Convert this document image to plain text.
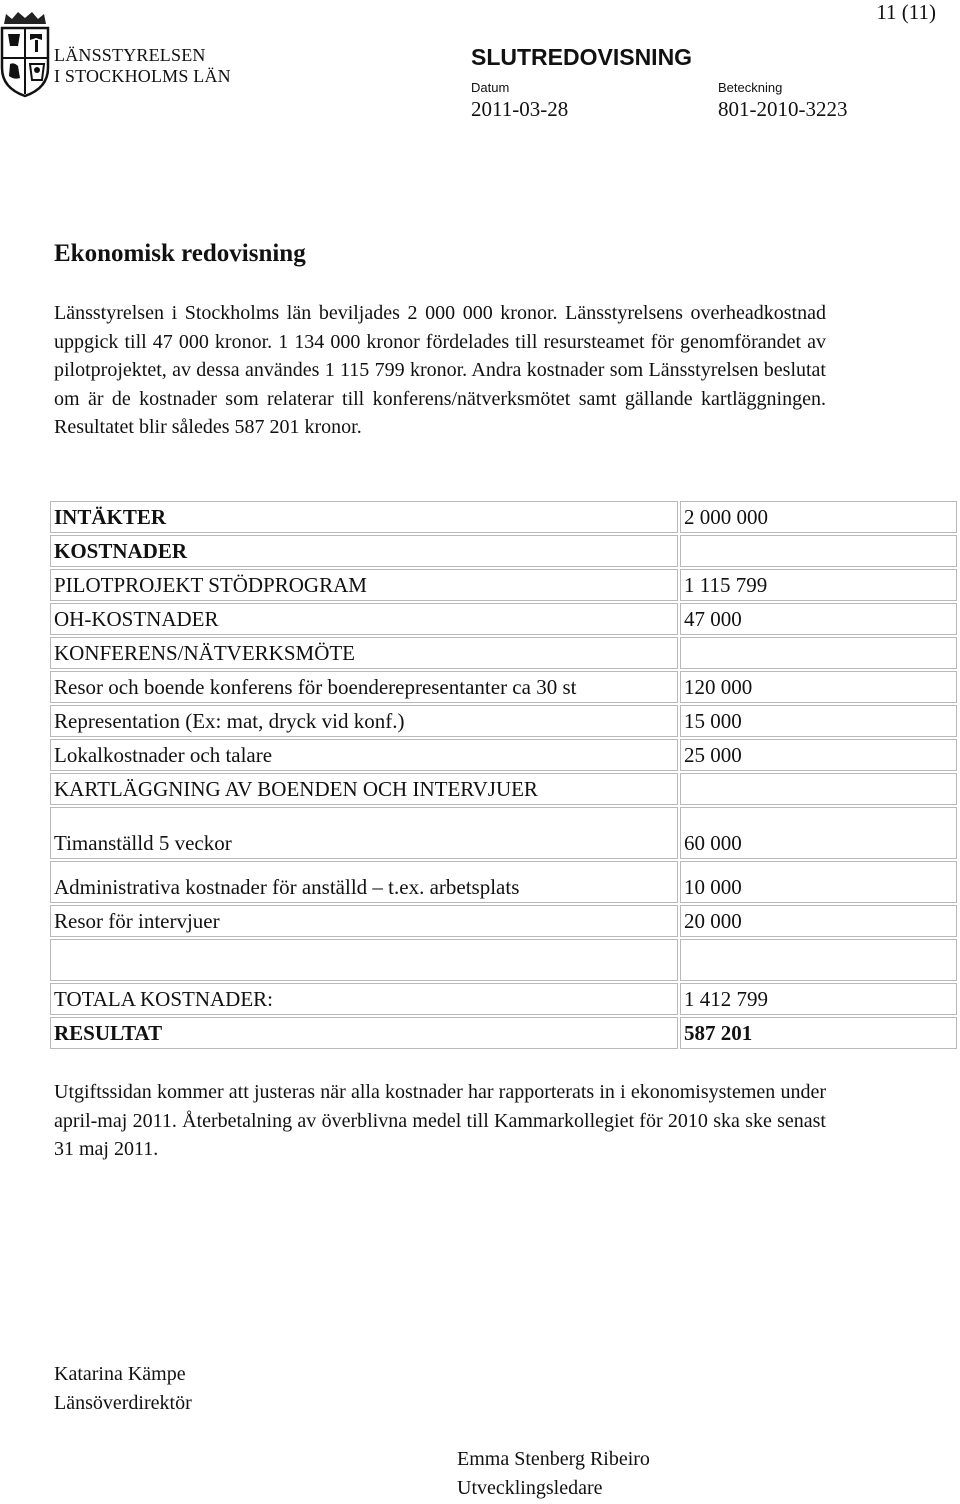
LÄNSSTYRELSEN
I STOCKHOLMS LÄN
11 (11)
SLUTREDOVISNING
Datum
2011-03-28
Beteckning
801-2010-3223
Ekonomisk redovisning
Länsstyrelsen i Stockholms län beviljades 2 000 000 kronor. Länsstyrelsens overheadkostnad uppgick till 47 000 kronor. 1 134 000 kronor fördelades till resursteamet för genomförandet av pilotprojektet, av dessa användes 1 115 799 kronor. Andra kostnader som Länsstyrelsen beslutat om är de kostnader som relaterar till konferens/nätverksmötet samt gällande kartläggningen. Resultatet blir således 587 201 kronor.
INTÄKTER	2 000 000
KOSTNADER	
PILOTPROJEKT STÖDPROGRAM	1 115 799
OH-KOSTNADER	47 000
KONFERENS/NÄTVERKSMÖTE	
Resor och boende konferens för boenderepresentanter ca 30 st	120 000
Representation (Ex: mat, dryck vid konf.)	15 000
Lokalkostnader och talare	25 000
KARTLÄGGNING AV BOENDEN OCH INTERVJUER	
Timanställd 5 veckor	60 000
Administrativa kostnader för anställd – t.ex. arbetsplats	10 000
Resor för intervjuer	20 000

TOTALA KOSTNADER:	1 412 799
RESULTAT	587 201
Utgiftssidan kommer att justeras när alla kostnader har rapporterats in i ekonomisystemen under april-maj 2011. Återbetalning av överblivna medel till Kammarkollegiet för 2010 ska ske senast 31 maj 2011.
Katarina Kämpe
Länsöverdirektör
Emma Stenberg Ribeiro
Utvecklingsledare
